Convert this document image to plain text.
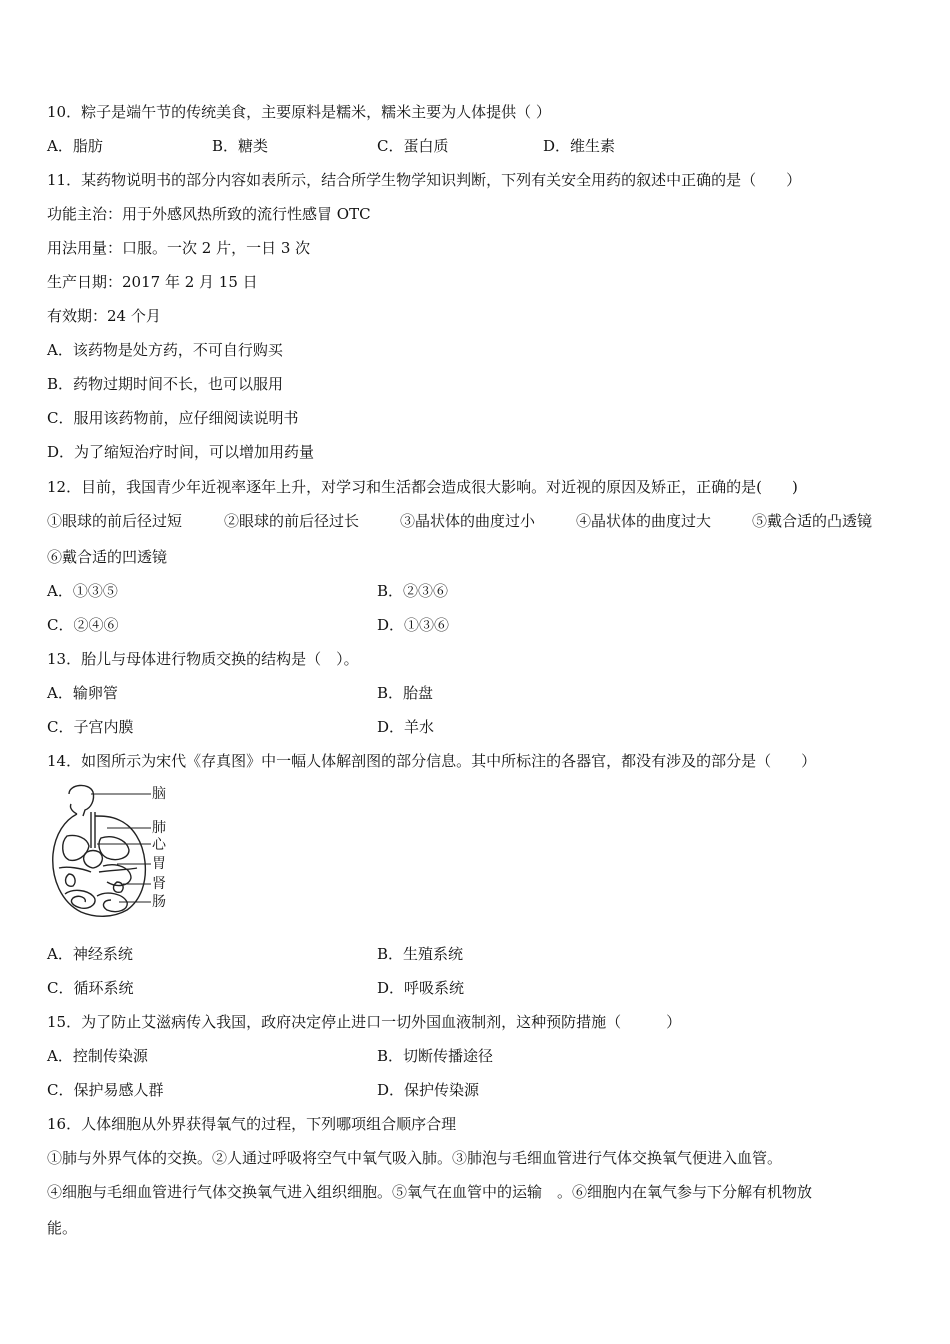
10．粽子是端午节的传统美食，主要原料是糯米，糯米主要为人体提供（ ）
A．脂肪	B．糖类	C．蛋白质	D．维生素
11．某药物说明书的部分内容如表所示，结合所学生物学知识判断，下列有关安全用药的叙述中正确的是（　　）
功能主治：用于外感风热所致的流行性感冒 OTC
用法用量：口服。一次 2 片，一日 3 次
生产日期：2017 年 2 月 15 日
有效期：24 个月
A．该药物是处方药，不可自行购买
B．药物过期时间不长，也可以服用
C．服用该药物前，应仔细阅读说明书
D．为了缩短治疗时间，可以增加用药量
12．目前，我国青少年近视率逐年上升，对学习和生活都会造成很大影响。对近视的原因及矫正，正确的是(　　)
①眼球的前后径过短	②眼球的前后径过长	③晶状体的曲度过小	④晶状体的曲度过大	⑤戴合适的凸透镜
⑥戴合适的凹透镜
A．①③⑤	B．②③⑥
C．②④⑥	D．①③⑥
13．胎儿与母体进行物质交换的结构是（　）。
A．输卵管	B．胎盘
C．子宫内膜	D．羊水
14．如图所示为宋代《存真图》中一幅人体解剖图的部分信息。其中所标注的各器官，都没有涉及的部分是（　　）
脑
肺
心
胃
肾
肠
A．神经系统	B．生殖系统
C．循环系统	D．呼吸系统
15．为了防止艾滋病传入我国，政府决定停止进口一切外国血液制剂，这种预防措施（　　　）
A．控制传染源	B．切断传播途径
C．保护易感人群	D．保护传染源
16．人体细胞从外界获得氧气的过程，下列哪项组合顺序合理
①肺与外界气体的交换。②人通过呼吸将空气中氧气吸入肺。③肺泡与毛细血管进行气体交换氧气便进入血管。
④细胞与毛细血管进行气体交换氧气进入组织细胞。⑤氧气在血管中的运输　。⑥细胞内在氧气参与下分解有机物放
能。
